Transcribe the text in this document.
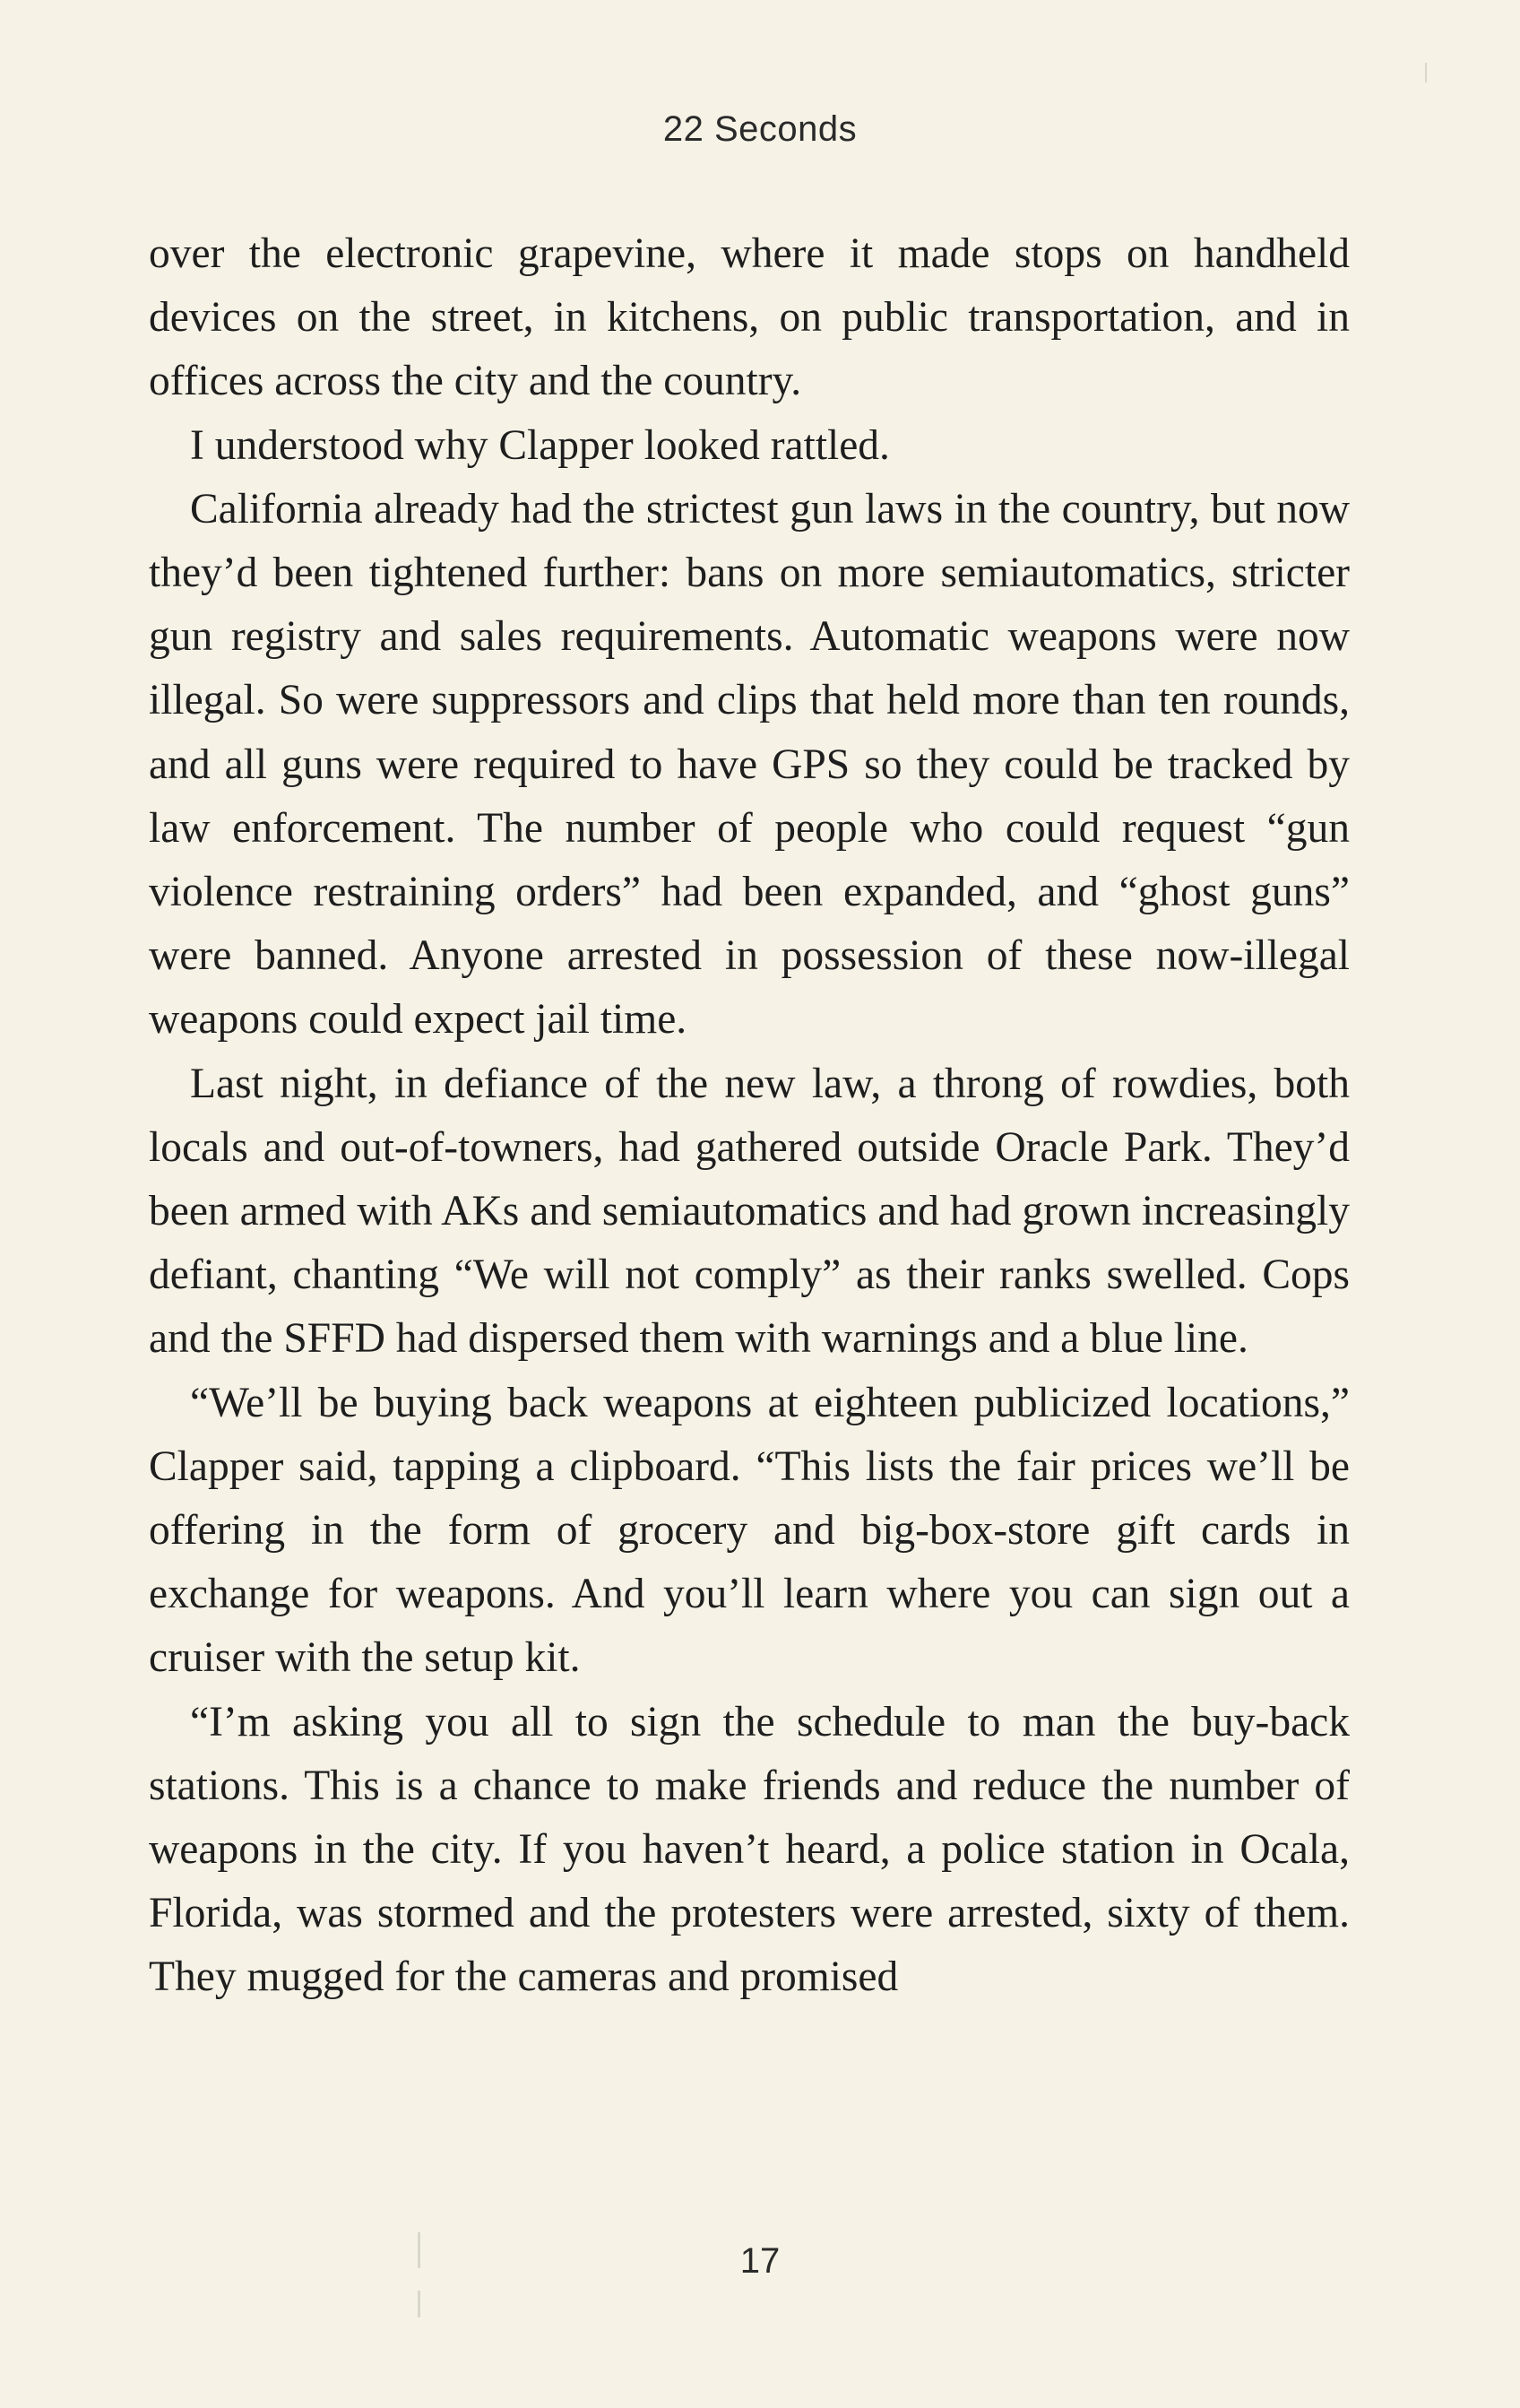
22 Seconds

over the electronic grapevine, where it made stops on handheld devices on the street, in kitchens, on public transportation, and in offices across the city and the country.

I understood why Clapper looked rattled.

California already had the strictest gun laws in the country, but now they’d been tightened further: bans on more semiautomatics, stricter gun registry and sales requirements. Automatic weapons were now illegal. So were suppressors and clips that held more than ten rounds, and all guns were required to have GPS so they could be tracked by law enforcement. The number of people who could request “gun violence restraining orders” had been expanded, and “ghost guns” were banned. Anyone arrested in possession of these now-illegal weapons could expect jail time.

Last night, in defiance of the new law, a throng of rowdies, both locals and out-of-towners, had gathered outside Oracle Park. They’d been armed with AKs and semiautomatics and had grown increasingly defiant, chanting “We will not comply” as their ranks swelled. Cops and the SFFD had dispersed them with warnings and a blue line.

“We’ll be buying back weapons at eighteen publicized locations,” Clapper said, tapping a clipboard. “This lists the fair prices we’ll be offering in the form of grocery and big-box-store gift cards in exchange for weapons. And you’ll learn where you can sign out a cruiser with the setup kit.

“I’m asking you all to sign the schedule to man the buy-back stations. This is a chance to make friends and reduce the number of weapons in the city. If you haven’t heard, a police station in Ocala, Florida, was stormed and the protesters were arrested, sixty of them. They mugged for the cameras and promised

17
